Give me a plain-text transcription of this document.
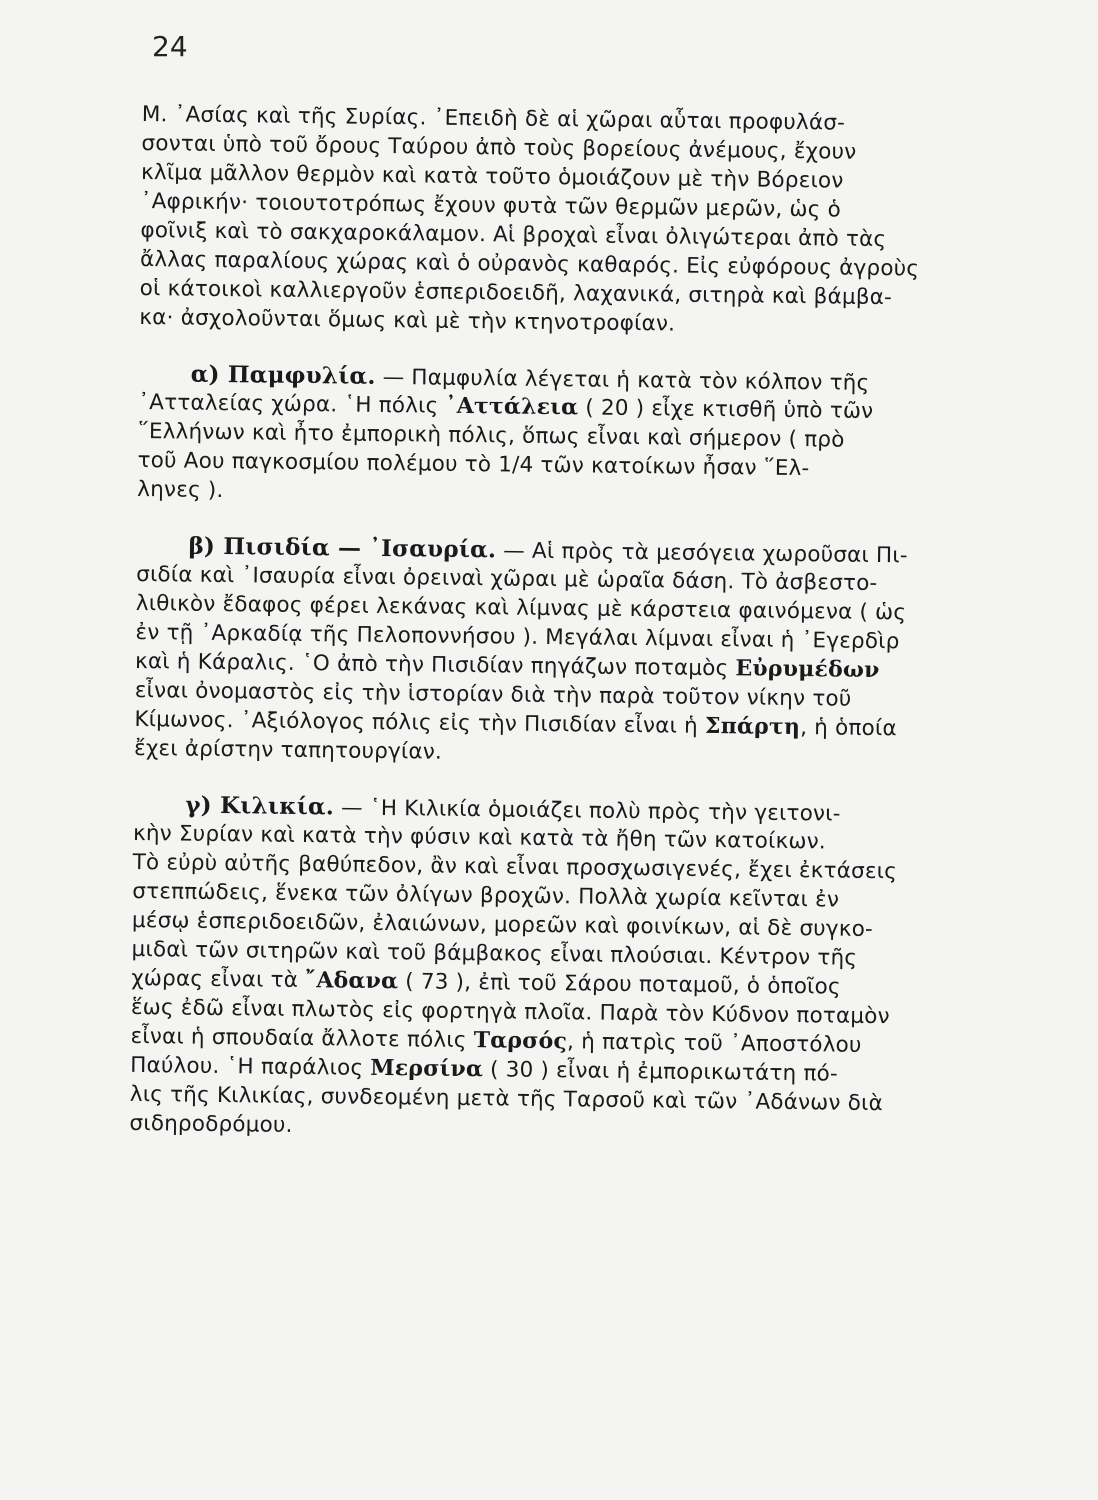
24
Μ. ᾿Ασίας καὶ τῆς Συρίας. ᾿Επειδὴ δὲ αἱ χῶραι αὗται προφυλάσ-
σονται ὑπὸ τοῦ ὄρους Ταύρου ἀπὸ τοὺς βορείους ἀνέμους, ἔχουν
κλῖμα μᾶλλον θερμὸν καὶ κατὰ τοῦτο ὁμοιάζουν μὲ τὴν Βόρειον
᾿Αφρικήν· τοιουτοτρόπως ἔχουν φυτὰ τῶν θερμῶν μερῶν, ὡς ὁ
φοῖνιξ καὶ τὸ σακχαροκάλαμον. Αἱ βροχαὶ εἶναι ὀλιγώτεραι ἀπὸ τὰς
ἄλλας παραλίους χώρας καὶ ὁ οὐρανὸς καθαρός. Εἰς εὐφόρους ἀγροὺς
οἱ κάτοικοὶ καλλιεργοῦν ἑσπεριδοειδῆ, λαχανικά, σιτηρὰ καὶ βάμβα-
κα· ἀσχολοῦνται ὅμως καὶ μὲ τὴν κτηνοτροφίαν.
α) Παμφυλία. — Παμφυλία λέγεται ἡ κατὰ τὸν κόλπον τῆς
᾿Ατταλείας χώρα. ῾Η πόλις ᾿Αττάλεια ( 20 ) εἶχε κτισθῆ ὑπὸ τῶν
῞Ελλήνων καὶ ἦτο ἐμπορικὴ πόλις, ὅπως εἶναι καὶ σήμερον ( πρὸ
τοῦ Αου παγκοσμίου πολέμου τὸ 1/4 τῶν κατοίκων ἦσαν ῞Ελ-
ληνες ).
β) Πισιδία — ᾿Ισαυρία. — Αἱ πρὸς τὰ μεσόγεια χωροῦσαι Πι-
σιδία καὶ ᾿Ισαυρία εἶναι ὀρειναὶ χῶραι μὲ ὡραῖα δάση. Τὸ ἀσβεστο-
λιθικὸν ἔδαφος φέρει λεκάνας καὶ λίμνας μὲ κάρστεια φαινόμενα ( ὡς
ἐν τῇ ᾿Αρκαδίᾳ τῆς Πελοποννήσου ). Μεγάλαι λίμναι εἶναι ἡ ᾿Εγερδὶρ
καὶ ἡ Κάραλις. ῾Ο ἀπὸ τὴν Πισιδίαν πηγάζων ποταμὸς Εὐρυμέδων
εἶναι ὀνομαστὸς εἰς τὴν ἱστορίαν διὰ τὴν παρὰ τοῦτον νίκην τοῦ
Κίμωνος. ᾿Αξιόλογος πόλις εἰς τὴν Πισιδίαν εἶναι ἡ Σπάρτη, ἡ ὁποία
ἔχει ἀρίστην ταπητουργίαν.
γ) Κιλικία. — ῾Η Κιλικία ὁμοιάζει πολὺ πρὸς τὴν γειτονι-
κὴν Συρίαν καὶ κατὰ τὴν φύσιν καὶ κατὰ τὰ ἤθη τῶν κατοίκων.
Τὸ εὐρὺ αὐτῆς βαθύπεδον, ἂν καὶ εἶναι προσχωσιγενές, ἔχει ἐκτάσεις
στεππώδεις, ἕνεκα τῶν ὀλίγων βροχῶν. Πολλὰ χωρία κεῖνται ἐν
μέσῳ ἑσπεριδοειδῶν, ἐλαιώνων, μορεῶν καὶ φοινίκων, αἱ δὲ συγκο-
μιδαὶ τῶν σιτηρῶν καὶ τοῦ βάμβακος εἶναι πλούσιαι. Κέντρον τῆς
χώρας εἶναι τὰ ῎Αδανα ( 73 ), ἐπὶ τοῦ Σάρου ποταμοῦ, ὁ ὁποῖος
ἕως ἐδῶ εἶναι πλωτὸς εἰς φορτηγὰ πλοῖα. Παρὰ τὸν Κύδνον ποταμὸν
εἶναι ἡ σπουδαία ἄλλοτε πόλις Ταρσός, ἡ πατρὶς τοῦ ᾿Αποστόλου
Παύλου. ῾Η παράλιος Μερσίνα ( 30 ) εἶναι ἡ ἐμπορικωτάτη πό-
λις τῆς Κιλικίας, συνδεομένη μετὰ τῆς Ταρσοῦ καὶ τῶν ᾿Αδάνων διὰ
σιδηροδρόμου.
